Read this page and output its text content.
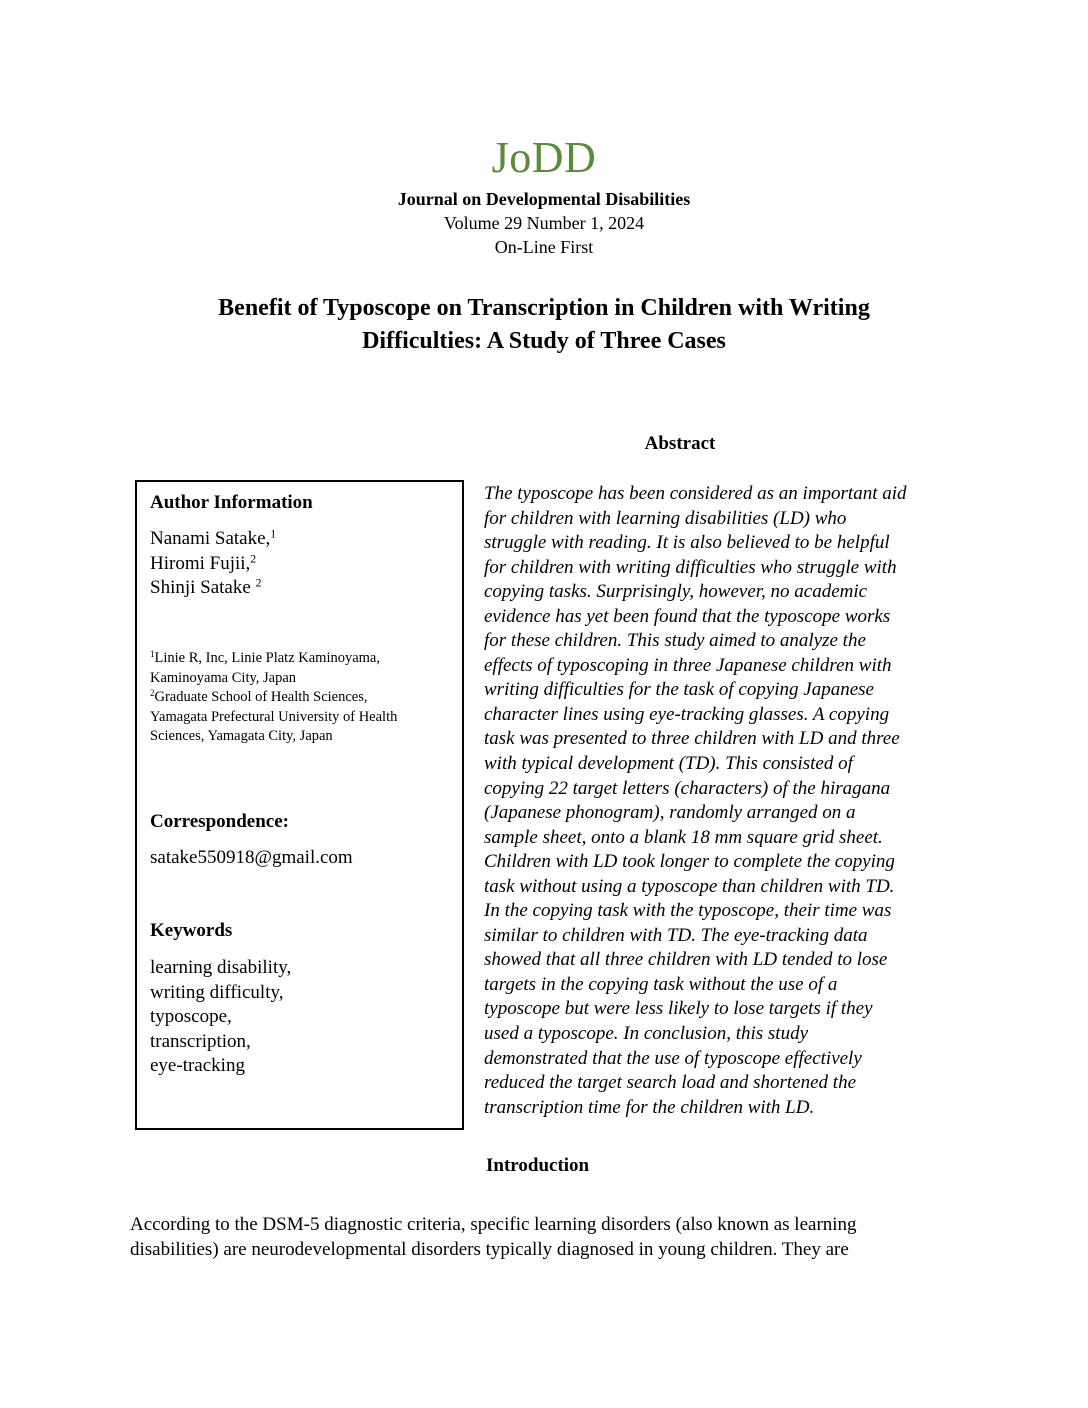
JoDD
Journal on Developmental Disabilities
Volume 29 Number 1, 2024
On-Line First
Benefit of Typoscope on Transcription in Children with Writing
Difficulties: A Study of Three Cases
Abstract
Author Information
Nanami Satake,$^1$
Hiromi Fujii,$^2$
Shinji Satake $^2$
$^1$Linie R, Inc, Linie Platz Kaminoyama,
Kaminoyama City, Japan
$^2$Graduate School of Health Sciences,
Yamagata Prefectural University of Health
Sciences, Yamagata City, Japan
Correspondence:
satake550918@gmail.com
Keywords
learning disability,
writing difficulty,
typoscope,
transcription,
eye-tracking
The typoscope has been considered as an important aid
for children with learning disabilities (LD) who
struggle with reading. It is also believed to be helpful
for children with writing difficulties who struggle with
copying tasks. Surprisingly, however, no academic
evidence has yet been found that the typoscope works
for these children. This study aimed to analyze the
effects of typoscoping in three Japanese children with
writing difficulties for the task of copying Japanese
character lines using eye-tracking glasses. A copying
task was presented to three children with LD and three
with typical development (TD). This consisted of
copying 22 target letters (characters) of the hiragana
(Japanese phonogram), randomly arranged on a
sample sheet, onto a blank 18 mm square grid sheet.
Children with LD took longer to complete the copying
task without using a typoscope than children with TD.
In the copying task with the typoscope, their time was
similar to children with TD. The eye-tracking data
showed that all three children with LD tended to lose
targets in the copying task without the use of a
typoscope but were less likely to lose targets if they
used a typoscope. In conclusion, this study
demonstrated that the use of typoscope effectively
reduced the target search load and shortened the
transcription time for the children with LD.
Introduction
According to the DSM-5 diagnostic criteria, specific learning disorders (also known as learning
disabilities) are neurodevelopmental disorders typically diagnosed in young children. They are
